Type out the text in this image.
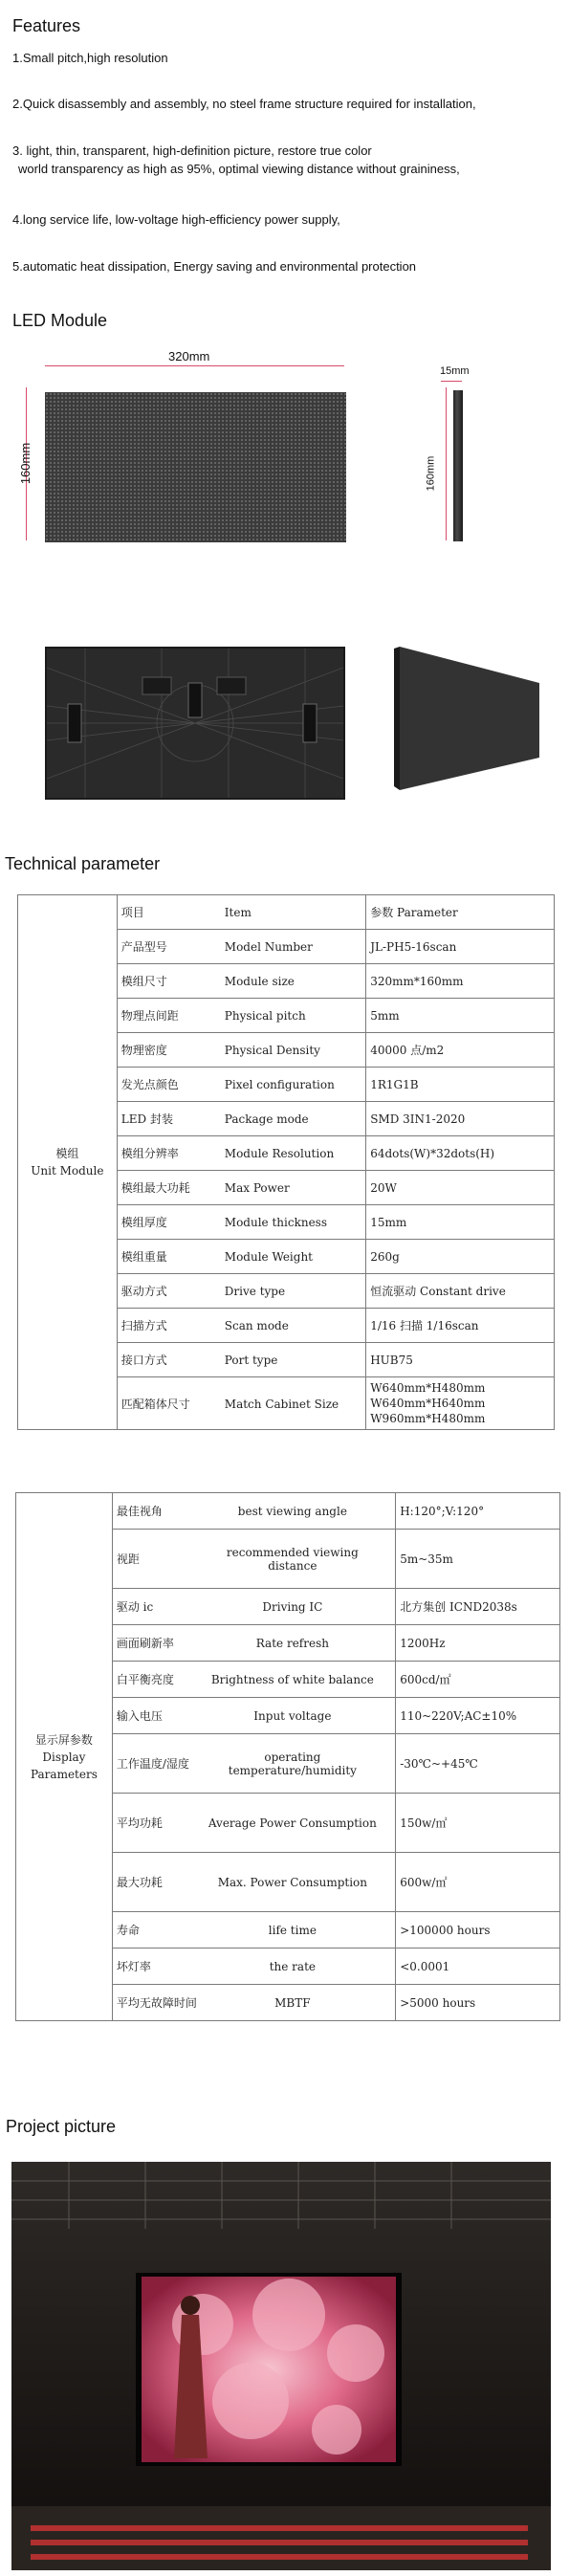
Features

1.Small pitch,high resolution

2.Quick disassembly and assembly, no steel frame structure required for installation,

3. light, thin, transparent, high-definition picture, restore true color

world transparency as high as 95%, optimal viewing distance without graininess,

4.long service life, low-voltage high-efficiency power supply,

5.automatic heat dissipation, Energy saving and environmental protection

LED Module
320mm
160mm
15mm
160mm
Technical parameter
模组
Unit Module	项目 Item	参数 Parameter
	产品型号 Model Number	JL-PH5-16scan
	模组尺寸 Module size	320mm*160mm
	物理点间距 Physical pitch	5mm
	物理密度 Physical Density	40000 点/m2
	发光点颜色 Pixel configuration	1R1G1B
	LED 封装 Package mode	SMD 3IN1-2020
	模组分辨率 Module Resolution	64dots(W)*32dots(H)
	模组最大功耗 Max Power	20W
	模组厚度 Module thickness	15mm
	模组重量 Module Weight	260g
	驱动方式 Drive type	恒流驱动 Constant drive
	扫描方式 Scan mode	1/16 扫描 1/16scan
	接口方式 Port type	HUB75
	匹配箱体尺寸 Match Cabinet Size	W640mm*H480mm
W640mm*H640mm
W960mm*H480mm
显示屏参数
Display
Parameters	最佳视角 best viewing angle	H:120°;V:120°
	视距recommended viewing distance	5m~35m
	驱动 ic Driving IC	北方集创 ICND2038s
	画面刷新率 Rate refresh	1200Hz
	白平衡亮度 Brightness of white balance	600cd/㎡
	输入电压 Input voltage	110~220V;AC±10%
	工作温度/湿度operating temperature/humidity	-30℃~+45℃
	平均功耗 Average Power Consumption	150w/㎡
	最大功耗 Max. Power Consumption	600w/㎡
	寿命 life time	>100000 hours
	坏灯率 the rate	<0.0001
	平均无故障时间 MBTF	>5000 hours
Project picture
